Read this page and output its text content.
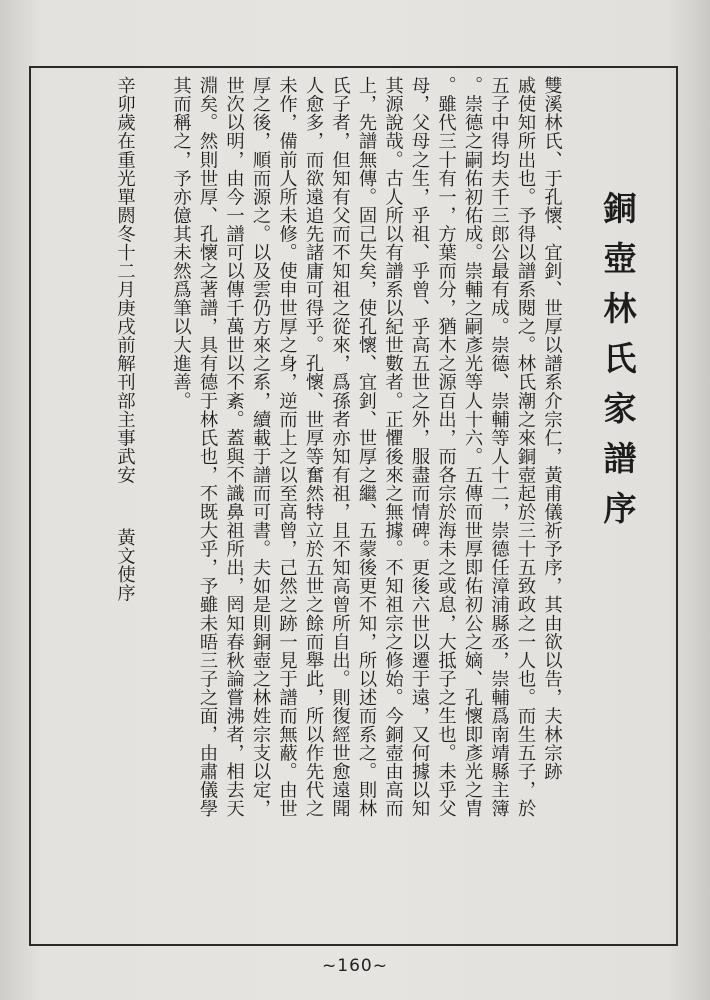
銅壺林氏家譜序
雙溪林氏、于孔懷、宜釗、世厚以譜系介宗仁，黃甫儀祈予序，其由欲以告，夫林宗跡
戚使知所出也。予得以譜系閱之。林氏潮之來銅壺起於三十五致政之一人也。而生五子，於
五子中得均夫千三郎公最有成。崇德、崇輔等人十二，崇德任漳浦縣丞，崇輔爲南靖縣主簿
。崇德之嗣佑初佑成。崇輔之嗣彥光等人十六。五傳而世厚即佑初公之嫡、孔懷即彥光之胄
。雖代三十有一，方葉而分，猶木之源百出，而各宗於海未之或息，大抵子之生也。未乎父
母，父母之生，乎祖、乎曾、乎高五世之外，服盡而情碑。更後六世以遷于遠，又何據以知
其源說哉。古人所以有譜系以紀世數者。正懼後來之無據。不知祖宗之修始。今銅壺由高而
上，先譜無傳。固己失矣，使孔懷、宜釗、世厚之繼、五蒙後更不知，所以述而系之。則林
氏子者，但知有父而不知祖之從來，爲孫者亦知有祖，且不知高曾所自出。則復經世愈遠聞
人愈多，而欲遠追先諸庸可得乎。孔懷、世厚等奮然特立於五世之餘而舉此，所以作先代之
未作，備前人所未修。使申世厚之身，逆而上之以至高曾，己然之跡一見于譜而無蔽。由世
厚之後，順而源之。以及雲仍方來之系，續載于譜而可書。夫如是則銅壺之林姓宗支以定，
世次以明，由今一譜可以傳千萬世以不紊。蓋與不識鼻祖所出，罔知春秋論嘗沸者，相去天
淵矣。然則世厚、孔懷之著譜，具有德于林氏也，不既大乎，予雖未晤三子之面，由肅儀學
其而稱之，予亦億其未然爲筆以大進善。
辛卯歲在重光單閼冬十二月庚戌前解刊部主事武安黃文使序
~160~
